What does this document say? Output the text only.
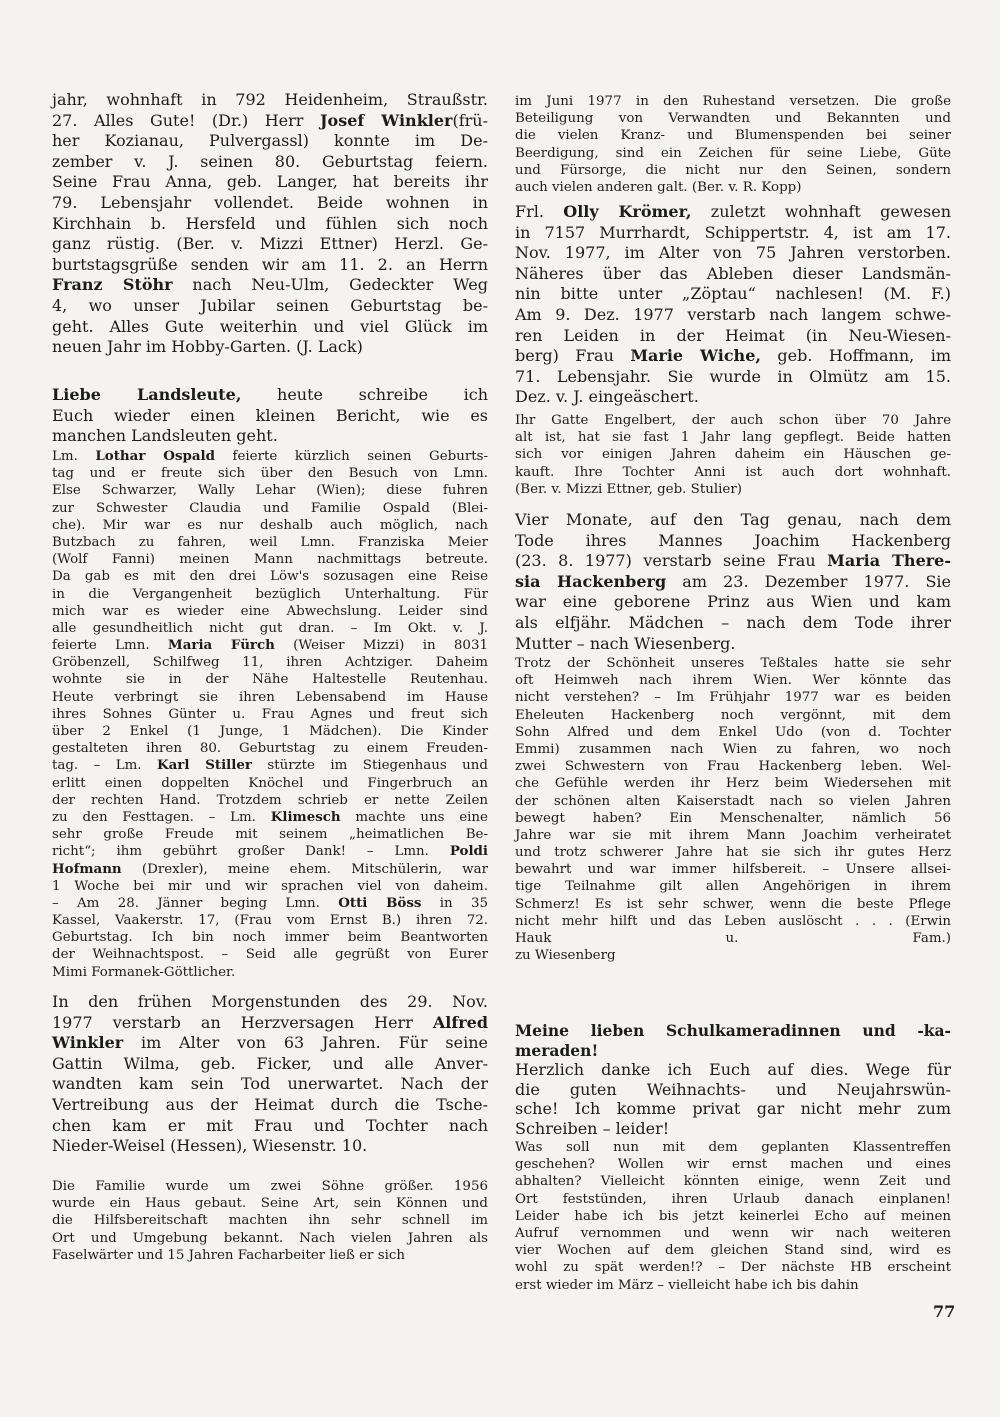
jahr, wohnhaft in 792 Heidenheim, Straußstr.
27. Alles Gute! (Dr.) Herr Josef Winkler(frü-
her Kozianau, Pulvergassl) konnte im De-
zember v. J. seinen 80. Geburtstag feiern.
Seine Frau Anna, geb. Langer, hat bereits ihr
79. Lebensjahr vollendet. Beide wohnen in
Kirchhain b. Hersfeld und fühlen sich noch
ganz rüstig. (Ber. v. Mizzi Ettner) Herzl. Ge-
burtstagsgrüße senden wir am 11. 2. an Herrn
Franz Stöhr nach Neu-Ulm, Gedeckter Weg
4, wo unser Jubilar seinen Geburtstag be-
geht. Alles Gute weiterhin und viel Glück im
neuen Jahr im Hobby-Garten. (J. Lack)
Liebe Landsleute, heute schreibe ich
Euch wieder einen kleinen Bericht, wie es
manchen Landsleuten geht.
Lm. Lothar Ospald feierte kürzlich seinen Geburts-
tag und er freute sich über den Besuch von Lmn.
Else Schwarzer, Wally Lehar (Wien); diese fuhren
zur Schwester Claudia und Familie Ospald (Blei-
che). Mir war es nur deshalb auch möglich, nach
Butzbach zu fahren, weil Lmn. Franziska Meier
(Wolf Fanni) meinen Mann nachmittags betreute.
Da gab es mit den drei Löw's sozusagen eine Reise
in die Vergangenheit bezüglich Unterhaltung. Für
mich war es wieder eine Abwechslung. Leider sind
alle gesundheitlich nicht gut dran. – Im Okt. v. J.
feierte Lmn. Maria Fürch (Weiser Mizzi) in 8031
Gröbenzell, Schilfweg 11, ihren Achtziger. Daheim
wohnte sie in der Nähe Haltestelle Reutenhau.
Heute verbringt sie ihren Lebensabend im Hause
ihres Sohnes Günter u. Frau Agnes und freut sich
über 2 Enkel (1 Junge, 1 Mädchen). Die Kinder
gestalteten ihren 80. Geburtstag zu einem Freuden-
tag. – Lm. Karl Stiller stürzte im Stiegenhaus und
erlitt einen doppelten Knöchel und Fingerbruch an
der rechten Hand. Trotzdem schrieb er nette Zeilen
zu den Festtagen. – Lm. Klimesch machte uns eine
sehr große Freude mit seinem „heimatlichen Be-
richt“; ihm gebührt großer Dank! – Lmn. Poldi
Hofmann (Drexler), meine ehem. Mitschülerin, war
1 Woche bei mir und wir sprachen viel von daheim.
– Am 28. Jänner beging Lmn. Otti Böss in 35
Kassel, Vaakerstr. 17, (Frau vom Ernst B.) ihren 72.
Geburtstag. Ich bin noch immer beim Beantworten
der Weihnachtspost. – Seid alle gegrüßt von Eurer
Mimi Formanek-Göttlicher.
In den frühen Morgenstunden des 29. Nov.
1977 verstarb an Herzversagen Herr Alfred
Winkler im Alter von 63 Jahren. Für seine
Gattin Wilma, geb. Ficker, und alle Anver-
wandten kam sein Tod unerwartet. Nach der
Vertreibung aus der Heimat durch die Tsche-
chen kam er mit Frau und Tochter nach
Nieder-Weisel (Hessen), Wiesenstr. 10.
Die Familie wurde um zwei Söhne größer. 1956
wurde ein Haus gebaut. Seine Art, sein Können und
die Hilfsbereitschaft machten ihn sehr schnell im
Ort und Umgebung bekannt. Nach vielen Jahren als
Faselwärter und 15 Jahren Facharbeiter ließ er sich
im Juni 1977 in den Ruhestand versetzen. Die große
Beteiligung von Verwandten und Bekannten und
die vielen Kranz- und Blumenspenden bei seiner
Beerdigung, sind ein Zeichen für seine Liebe, Güte
und Fürsorge, die nicht nur den Seinen, sondern
auch vielen anderen galt. (Ber. v. R. Kopp)
Frl. Olly Krömer, zuletzt wohnhaft gewesen
in 7157 Murrhardt, Schippertstr. 4, ist am 17.
Nov. 1977, im Alter von 75 Jahren verstorben.
Näheres über das Ableben dieser Landsmän-
nin bitte unter „Zöptau“ nachlesen! (M. F.)
Am 9. Dez. 1977 verstarb nach langem schwe-
ren Leiden in der Heimat (in Neu-Wiesen-
berg) Frau Marie Wiche, geb. Hoffmann, im
71. Lebensjahr. Sie wurde in Olmütz am 15.
Dez. v. J. eingeäschert.
Ihr Gatte Engelbert, der auch schon über 70 Jahre
alt ist, hat sie fast 1 Jahr lang gepflegt. Beide hatten
sich vor einigen Jahren daheim ein Häuschen ge-
kauft. Ihre Tochter Anni ist auch dort wohnhaft.
(Ber. v. Mizzi Ettner, geb. Stulier)
Vier Monate, auf den Tag genau, nach dem
Tode ihres Mannes Joachim Hackenberg
(23. 8. 1977) verstarb seine Frau Maria There-
sia Hackenberg am 23. Dezember 1977. Sie
war eine geborene Prinz aus Wien und kam
als elfjähr. Mädchen – nach dem Tode ihrer
Mutter – nach Wiesenberg.
Trotz der Schönheit unseres Teßtales hatte sie sehr
oft Heimweh nach ihrem Wien. Wer könnte das
nicht verstehen? – Im Frühjahr 1977 war es beiden
Eheleuten Hackenberg noch vergönnt, mit dem
Sohn Alfred und dem Enkel Udo (von d. Tochter
Emmi) zusammen nach Wien zu fahren, wo noch
zwei Schwestern von Frau Hackenberg leben. Wel-
che Gefühle werden ihr Herz beim Wiedersehen mit
der schönen alten Kaiserstadt nach so vielen Jahren
bewegt haben? Ein Menschenalter, nämlich 56
Jahre war sie mit ihrem Mann Joachim verheiratet
und trotz schwerer Jahre hat sie sich ihr gutes Herz
bewahrt und war immer hilfsbereit. – Unsere allsei-
tige Teilnahme gilt allen Angehörigen in ihrem
Schmerz! Es ist sehr schwer, wenn die beste Pflege
nicht mehr hilft und das Leben auslöscht . . . (Erwin
Hauk u. Fam.)
zu Wiesenberg
Meine lieben Schulkameradinnen und -ka-
meraden!
Herzlich danke ich Euch auf dies. Wege für
die guten Weihnachts- und Neujahrswün-
sche! Ich komme privat gar nicht mehr zum
Schreiben – leider!
Was soll nun mit dem geplanten Klassentreffen
geschehen? Wollen wir ernst machen und eines
abhalten? Vielleicht könnten einige, wenn Zeit und
Ort feststünden, ihren Urlaub danach einplanen!
Leider habe ich bis jetzt keinerlei Echo auf meinen
Aufruf vernommen und wenn wir nach weiteren
vier Wochen auf dem gleichen Stand sind, wird es
wohl zu spät werden!? – Der nächste HB erscheint
erst wieder im März – vielleicht habe ich bis dahin
77
